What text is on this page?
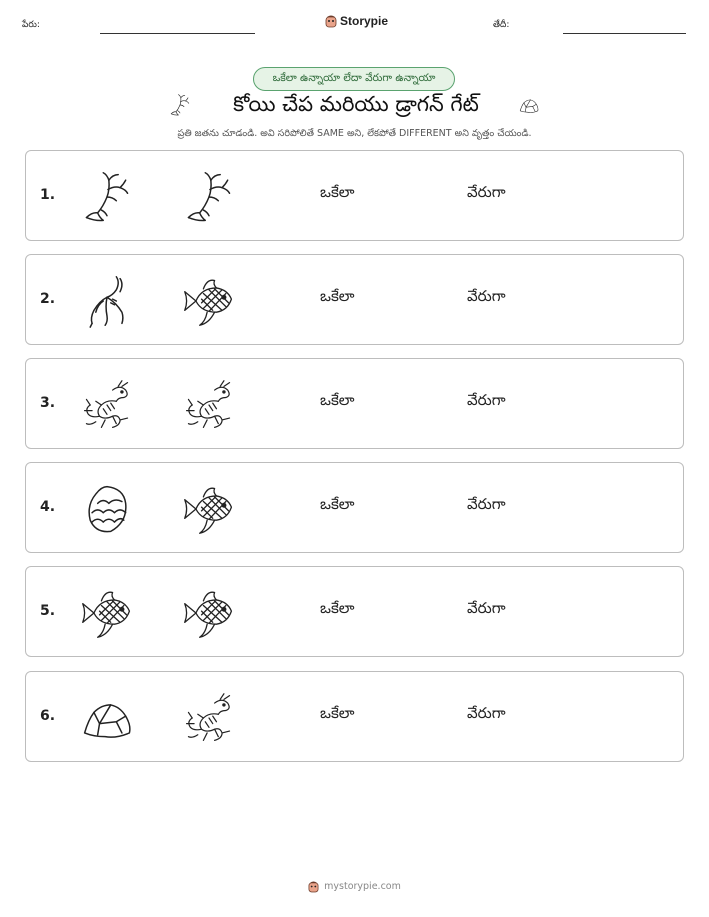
పేరు:	Storypie	తేదీ:
ఒకేలా ఉన్నాయా లేదా వేరుగా ఉన్నాయా
కోయి చేప మరియు డ్రాగన్ గేట్
ప్రతి జతను చూడండి. అవి సరిపోలితే SAME అని, లేకపోతే DIFFERENT అని వృత్తం చేయండి.
1.	ఒకేలా	వేరుగా
2.	ఒకేలా	వేరుగా
3.	ఒకేలా	వేరుగా
4.	ఒకేలా	వేరుగా
5.	ఒకేలా	వేరుగా
6.	ఒకేలా	వేరుగా
mystorypie.com
